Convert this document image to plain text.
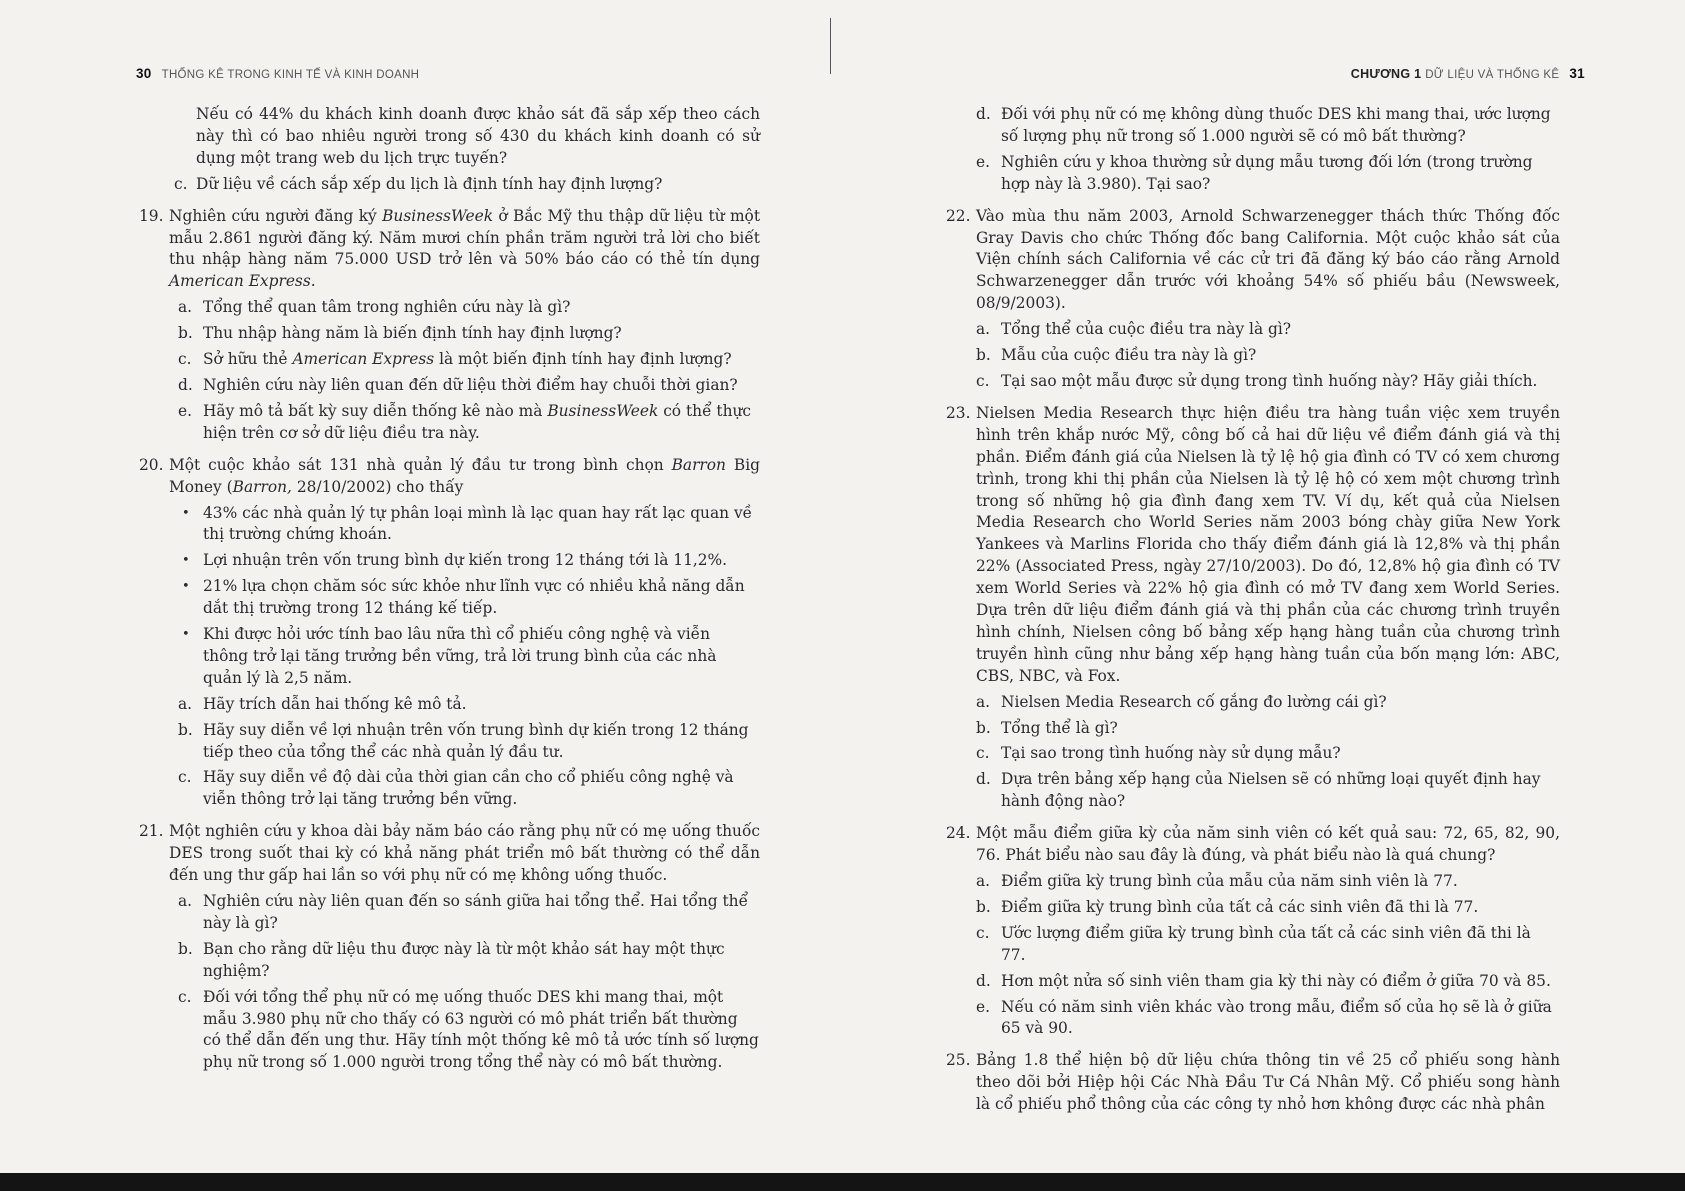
30 THỐNG KÊ TRONG KINH TẾ VÀ KINH DOANH

Nếu có 44% du khách kinh doanh được khảo sát đã sắp xếp theo cách này thì có bao nhiêu người trong số 430 du khách kinh doanh có sử dụng một trang web du lịch trực tuyến?

c. Dữ liệu về cách sắp xếp du lịch là định tính hay định lượng?
19. Nghiên cứu người đăng ký BusinessWeek ở Bắc Mỹ thu thập dữ liệu từ một mẫu 2.861 người đăng ký. Năm mươi chín phần trăm người trả lời cho biết thu nhập hàng năm 75.000 USD trở lên và 50% báo cáo có thẻ tín dụng American Express.
a. Tổng thể quan tâm trong nghiên cứu này là gì?
b. Thu nhập hàng năm là biến định tính hay định lượng?
c. Sở hữu thẻ American Express là một biến định tính hay định lượng?
d. Nghiên cứu này liên quan đến dữ liệu thời điểm hay chuỗi thời gian?
e. Hãy mô tả bất kỳ suy diễn thống kê nào mà BusinessWeek có thể thực hiện trên cơ sở dữ liệu điều tra này.
20. Một cuộc khảo sát 131 nhà quản lý đầu tư trong bình chọn Barron Big Money (Barron, 28/10/2002) cho thấy
• 43% các nhà quản lý tự phân loại mình là lạc quan hay rất lạc quan về thị trường chứng khoán.
• Lợi nhuận trên vốn trung bình dự kiến trong 12 tháng tới là 11,2%.
• 21% lựa chọn chăm sóc sức khỏe như lĩnh vực có nhiều khả năng dẫn dắt thị trường trong 12 tháng kế tiếp.
• Khi được hỏi ước tính bao lâu nữa thì cổ phiếu công nghệ và viễn thông trở lại tăng trưởng bền vững, trả lời trung bình của các nhà quản lý là 2,5 năm.
a. Hãy trích dẫn hai thống kê mô tả.
b. Hãy suy diễn về lợi nhuận trên vốn trung bình dự kiến trong 12 tháng tiếp theo của tổng thể các nhà quản lý đầu tư.
c. Hãy suy diễn về độ dài của thời gian cần cho cổ phiếu công nghệ và viễn thông trở lại tăng trưởng bền vững.
21. Một nghiên cứu y khoa dài bảy năm báo cáo rằng phụ nữ có mẹ uống thuốc DES trong suốt thai kỳ có khả năng phát triển mô bất thường có thể dẫn đến ung thư gấp hai lần so với phụ nữ có mẹ không uống thuốc.
a. Nghiên cứu này liên quan đến so sánh giữa hai tổng thể. Hai tổng thể này là gì?
b. Bạn cho rằng dữ liệu thu được này là từ một khảo sát hay một thực nghiệm?
c. Đối với tổng thể phụ nữ có mẹ uống thuốc DES khi mang thai, một mẫu 3.980 phụ nữ cho thấy có 63 người có mô phát triển bất thường có thể dẫn đến ung thư. Hãy tính một thống kê mô tả ước tính số lượng phụ nữ trong số 1.000 người trong tổng thể này có mô bất thường.
CHƯƠNG 1 DỮ LIỆU VÀ THỐNG KÊ 31
d. Đối với phụ nữ có mẹ không dùng thuốc DES khi mang thai, ước lượng số lượng phụ nữ trong số 1.000 người sẽ có mô bất thường?
e. Nghiên cứu y khoa thường sử dụng mẫu tương đối lớn (trong trường hợp này là 3.980). Tại sao?
22. Vào mùa thu năm 2003, Arnold Schwarzenegger thách thức Thống đốc Gray Davis cho chức Thống đốc bang California. Một cuộc khảo sát của Viện chính sách California về các cử tri đã đăng ký báo cáo rằng Arnold Schwarzenegger dẫn trước với khoảng 54% số phiếu bầu (Newsweek, 08/9/2003).
a. Tổng thể của cuộc điều tra này là gì?
b. Mẫu của cuộc điều tra này là gì?
c. Tại sao một mẫu được sử dụng trong tình huống này? Hãy giải thích.
23. Nielsen Media Research thực hiện điều tra hàng tuần việc xem truyền hình trên khắp nước Mỹ, công bố cả hai dữ liệu về điểm đánh giá và thị phần. Điểm đánh giá của Nielsen là tỷ lệ hộ gia đình có TV có xem chương trình, trong khi thị phần của Nielsen là tỷ lệ hộ có xem một chương trình trong số những hộ gia đình đang xem TV. Ví dụ, kết quả của Nielsen Media Research cho World Series năm 2003 bóng chày giữa New York Yankees và Marlins Florida cho thấy điểm đánh giá là 12,8% và thị phần 22% (Associated Press, ngày 27/10/2003). Do đó, 12,8% hộ gia đình có TV xem World Series và 22% hộ gia đình có mở TV đang xem World Series. Dựa trên dữ liệu điểm đánh giá và thị phần của các chương trình truyền hình chính, Nielsen công bố bảng xếp hạng hàng tuần của chương trình truyền hình cũng như bảng xếp hạng hàng tuần của bốn mạng lớn: ABC, CBS, NBC, và Fox.
a. Nielsen Media Research cố gắng đo lường cái gì?
b. Tổng thể là gì?
c. Tại sao trong tình huống này sử dụng mẫu?
d. Dựa trên bảng xếp hạng của Nielsen sẽ có những loại quyết định hay hành động nào?
24. Một mẫu điểm giữa kỳ của năm sinh viên có kết quả sau: 72, 65, 82, 90, 76. Phát biểu nào sau đây là đúng, và phát biểu nào là quá chung?
a. Điểm giữa kỳ trung bình của mẫu của năm sinh viên là 77.
b. Điểm giữa kỳ trung bình của tất cả các sinh viên đã thi là 77.
c. Ước lượng điểm giữa kỳ trung bình của tất cả các sinh viên đã thi là 77.
d. Hơn một nửa số sinh viên tham gia kỳ thi này có điểm ở giữa 70 và 85.
e. Nếu có năm sinh viên khác vào trong mẫu, điểm số của họ sẽ là ở giữa 65 và 90.
25. Bảng 1.8 thể hiện bộ dữ liệu chứa thông tin về 25 cổ phiếu song hành theo dõi bởi Hiệp hội Các Nhà Đầu Tư Cá Nhân Mỹ. Cổ phiếu song hành là cổ phiếu phổ thông của các công ty nhỏ hơn không được các nhà phân
